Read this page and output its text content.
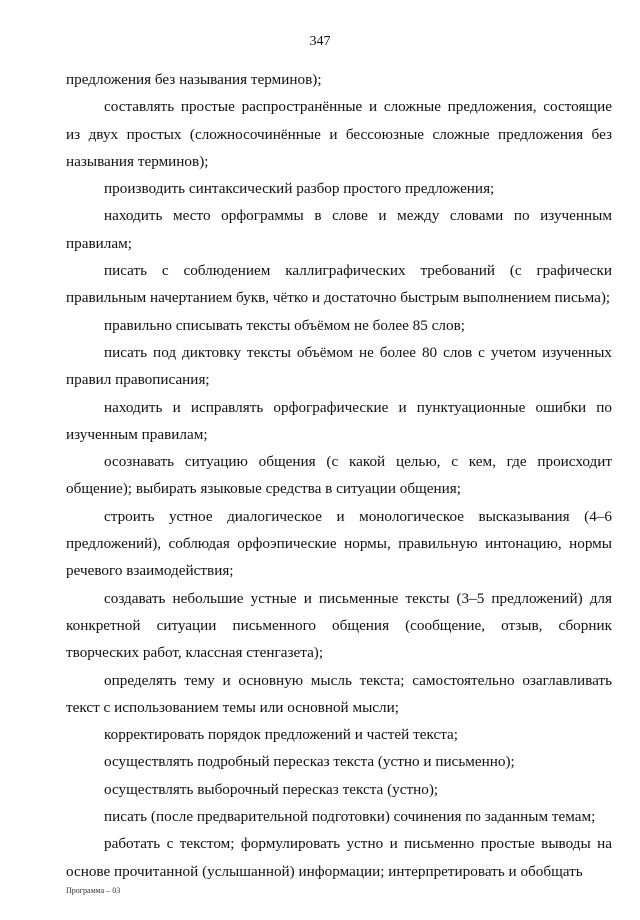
347

предложения без называния терминов);

составлять простые распространённые и сложные предложения, состоящие из двух простых (сложносочинённые и бессоюзные сложные предложения без называния терминов);

производить синтаксический разбор простого предложения;

находить место орфограммы в слове и между словами по изученным правилам;

писать с соблюдением каллиграфических требований (с графически правильным начертанием букв, чётко и достаточно быстрым выполнением письма);

правильно списывать тексты объёмом не более 85 слов;

писать под диктовку тексты объёмом не более 80 слов с учетом изученных правил правописания;

находить и исправлять орфографические и пунктуационные ошибки по изученным правилам;

осознавать ситуацию общения (с какой целью, с кем, где происходит общение); выбирать языковые средства в ситуации общения;

строить устное диалогическое и монологическое высказывания (4–6 предложений), соблюдая орфоэпические нормы, правильную интонацию, нормы речевого взаимодействия;

создавать небольшие устные и письменные тексты (3–5 предложений) для конкретной ситуации письменного общения (сообщение, отзыв, сборник творческих работ, классная стенгазета);

определять тему и основную мысль текста; самостоятельно озаглавливать текст с использованием темы или основной мысли;

корректировать порядок предложений и частей текста;

осуществлять подробный пересказ текста (устно и письменно);

осуществлять выборочный пересказ текста (устно);

писать (после предварительной подготовки) сочинения по заданным темам;

работать с текстом; формулировать устно и письменно простые выводы на основе прочитанной (услышанной) информации; интерпретировать и обобщать

Программа – 03
